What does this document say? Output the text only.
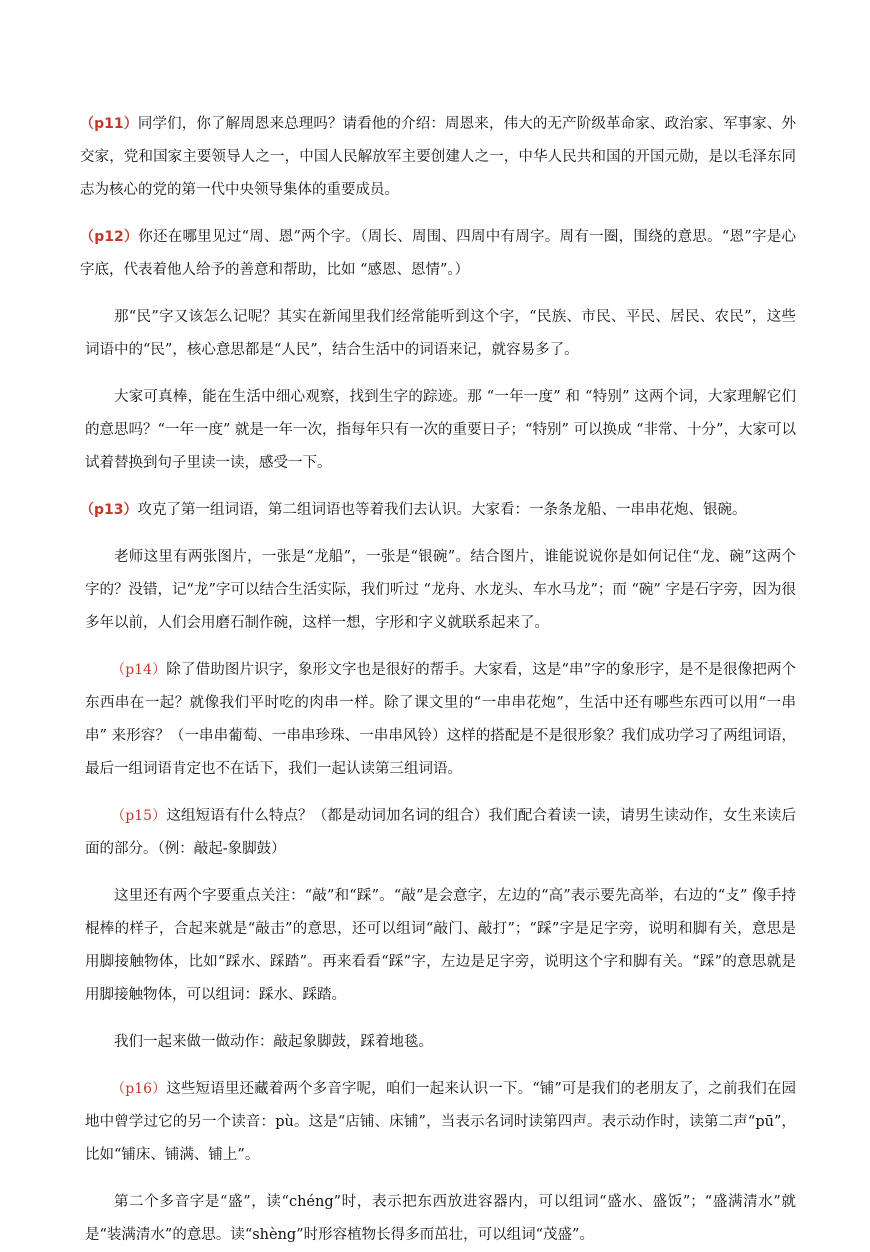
（p11）同学们，你了解周恩来总理吗？请看他的介绍：周恩来，伟大的无产阶级革命家、政治家、军事家、外交家，党和国家主要领导人之一，中国人民解放军主要创建人之一，中华人民共和国的开国元勋，是以毛泽东同志为核心的党的第一代中央领导集体的重要成员。

（p12）你还在哪里见过“周、恩”两个字。（周长、周围、四周中有周字。周有一圈，围绕的意思。“恩”字是心字底，代表着他人给予的善意和帮助，比如 “感恩、恩情”。）

那“民”字又该怎么记呢？其实在新闻里我们经常能听到这个字，“民族、市民、平民、居民、农民”，这些词语中的“民”，核心意思都是“人民”，结合生活中的词语来记，就容易多了。

大家可真棒，能在生活中细心观察，找到生字的踪迹。那 “一年一度” 和 “特别” 这两个词，大家理解它们的意思吗？“一年一度” 就是一年一次，指每年只有一次的重要日子；“特别” 可以换成 “非常、十分”，大家可以试着替换到句子里读一读，感受一下。

（p13）攻克了第一组词语，第二组词语也等着我们去认识。大家看：一条条龙船、一串串花炮、银碗。

老师这里有两张图片，一张是“龙船”，一张是“银碗”。结合图片，谁能说说你是如何记住“龙、碗”这两个字的？没错，记“龙”字可以结合生活实际，我们听过 “龙舟、水龙头、车水马龙”；而 “碗” 字是石字旁，因为很多年以前，人们会用磨石制作碗，这样一想，字形和字义就联系起来了。

（p14）除了借助图片识字，象形文字也是很好的帮手。大家看，这是“串”字的象形字，是不是很像把两个东西串在一起？就像我们平时吃的肉串一样。除了课文里的“一串串花炮”，生活中还有哪些东西可以用“一串串” 来形容？（一串串葡萄、一串串珍珠、一串串风铃）这样的搭配是不是很形象？我们成功学习了两组词语，最后一组词语肯定也不在话下，我们一起认读第三组词语。

（p15）这组短语有什么特点？（都是动词加名词的组合）我们配合着读一读，请男生读动作，女生来读后面的部分。（例：敲起-象脚鼓）

这里还有两个字要重点关注：“敲”和“踩”。“敲”是会意字，左边的“高”表示要先高举，右边的“攴” 像手持棍棒的样子，合起来就是“敲击”的意思，还可以组词“敲门、敲打”；“踩”字是足字旁，说明和脚有关，意思是用脚接触物体，比如“踩水、踩踏”。再来看看“踩”字，左边是足字旁，说明这个字和脚有关。“踩”的意思就是用脚接触物体，可以组词：踩水、踩踏。

我们一起来做一做动作：敲起象脚鼓，踩着地毯。

（p16）这些短语里还藏着两个多音字呢，咱们一起来认识一下。“铺”可是我们的老朋友了，之前我们在园地中曾学过它的另一个读音：pù。这是“店铺、床铺”，当表示名词时读第四声。表示动作时，读第二声“pū”，比如“铺床、铺满、铺上”。

第二个多音字是“盛”，读“chéng”时，表示把东西放进容器内，可以组词“盛水、盛饭”；“盛满清水”就是“装满清水”的意思。读“shèng”时形容植物长得多而茁壮，可以组词“茂盛”。
